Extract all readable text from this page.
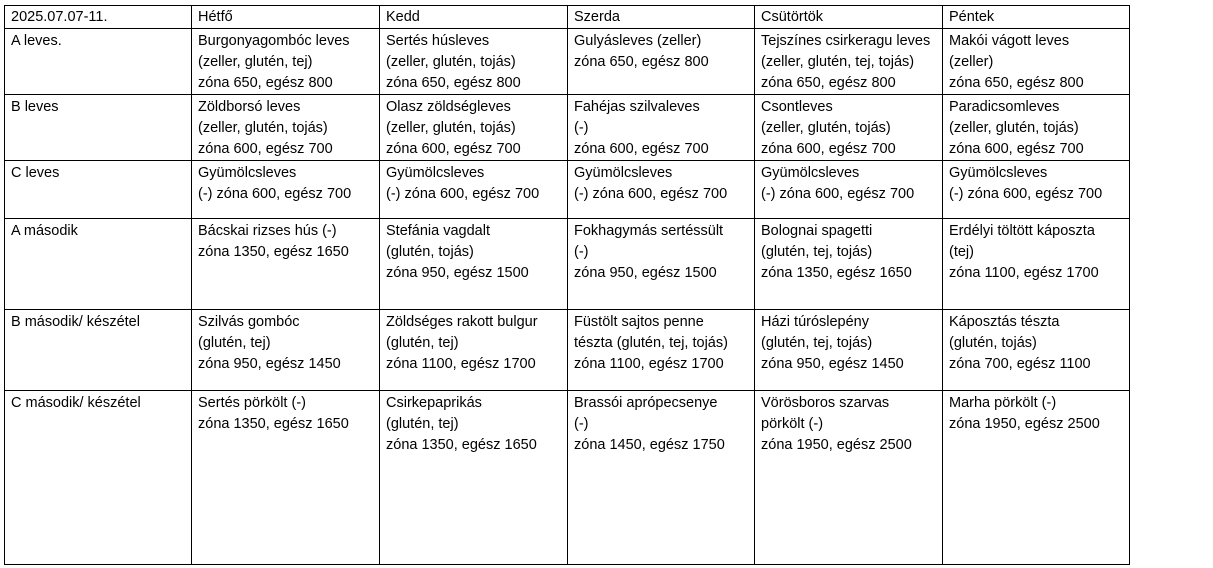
2025.07.07-11.	Hétfő	Kedd	Szerda	Csütörtök	Péntek
A leves.	Burgonyagombóc leves
(zeller, glutén, tej)
zóna 650, egész 800	Sertés húsleves
(zeller, glutén, tojás)
zóna 650, egész 800	Gulyásleves (zeller)
zóna 650, egész 800	Tejszínes csirkeragu leves
(zeller, glutén, tej, tojás)
zóna 650, egész 800	Makói vágott leves
(zeller)
zóna 650, egész 800
B leves	Zöldborsó leves
(zeller, glutén, tojás)
zóna 600, egész 700	Olasz zöldségleves
(zeller, glutén, tojás)
zóna 600, egész 700	Fahéjas szilvaleves
(-)
zóna 600, egész 700	Csontleves
(zeller, glutén, tojás)
zóna 600, egész 700	Paradicsomleves
(zeller, glutén, tojás)
zóna 600, egész 700
C leves	Gyümölcsleves
(-) zóna 600, egész 700	Gyümölcsleves
(-) zóna 600, egész 700	Gyümölcsleves
(-) zóna 600, egész 700	Gyümölcsleves
(-) zóna 600, egész 700	Gyümölcsleves
(-) zóna 600, egész 700
A második	Bácskai rizses hús (-)
zóna 1350, egész 1650	Stefánia vagdalt
(glutén, tojás)
zóna 950, egész 1500	Fokhagymás sertéssült
(-)
zóna 950, egész 1500	Bolognai spagetti
(glutén, tej, tojás)
zóna 1350, egész 1650	Erdélyi töltött káposzta
(tej)
zóna 1100, egész 1700
B második/ készétel	Szilvás gombóc
(glutén, tej)
zóna 950, egész 1450	Zöldséges rakott bulgur
(glutén, tej)
zóna 1100, egész 1700	Füstölt sajtos penne
tészta (glutén, tej, tojás)
zóna 1100, egész 1700	Házi túróslepény
(glutén, tej, tojás)
zóna 950, egész 1450	Káposztás tészta
(glutén, tojás)
zóna 700, egész 1100
C második/ készétel	Sertés pörkölt (-)
zóna 1350, egész 1650	Csirkepaprikás
(glutén, tej)
zóna 1350, egész 1650	Brassói aprópecsenye
(-)
zóna 1450, egész 1750	Vörösboros szarvas
pörkölt (-)
zóna 1950, egész 2500	Marha pörkölt (-)
zóna 1950, egész 2500
